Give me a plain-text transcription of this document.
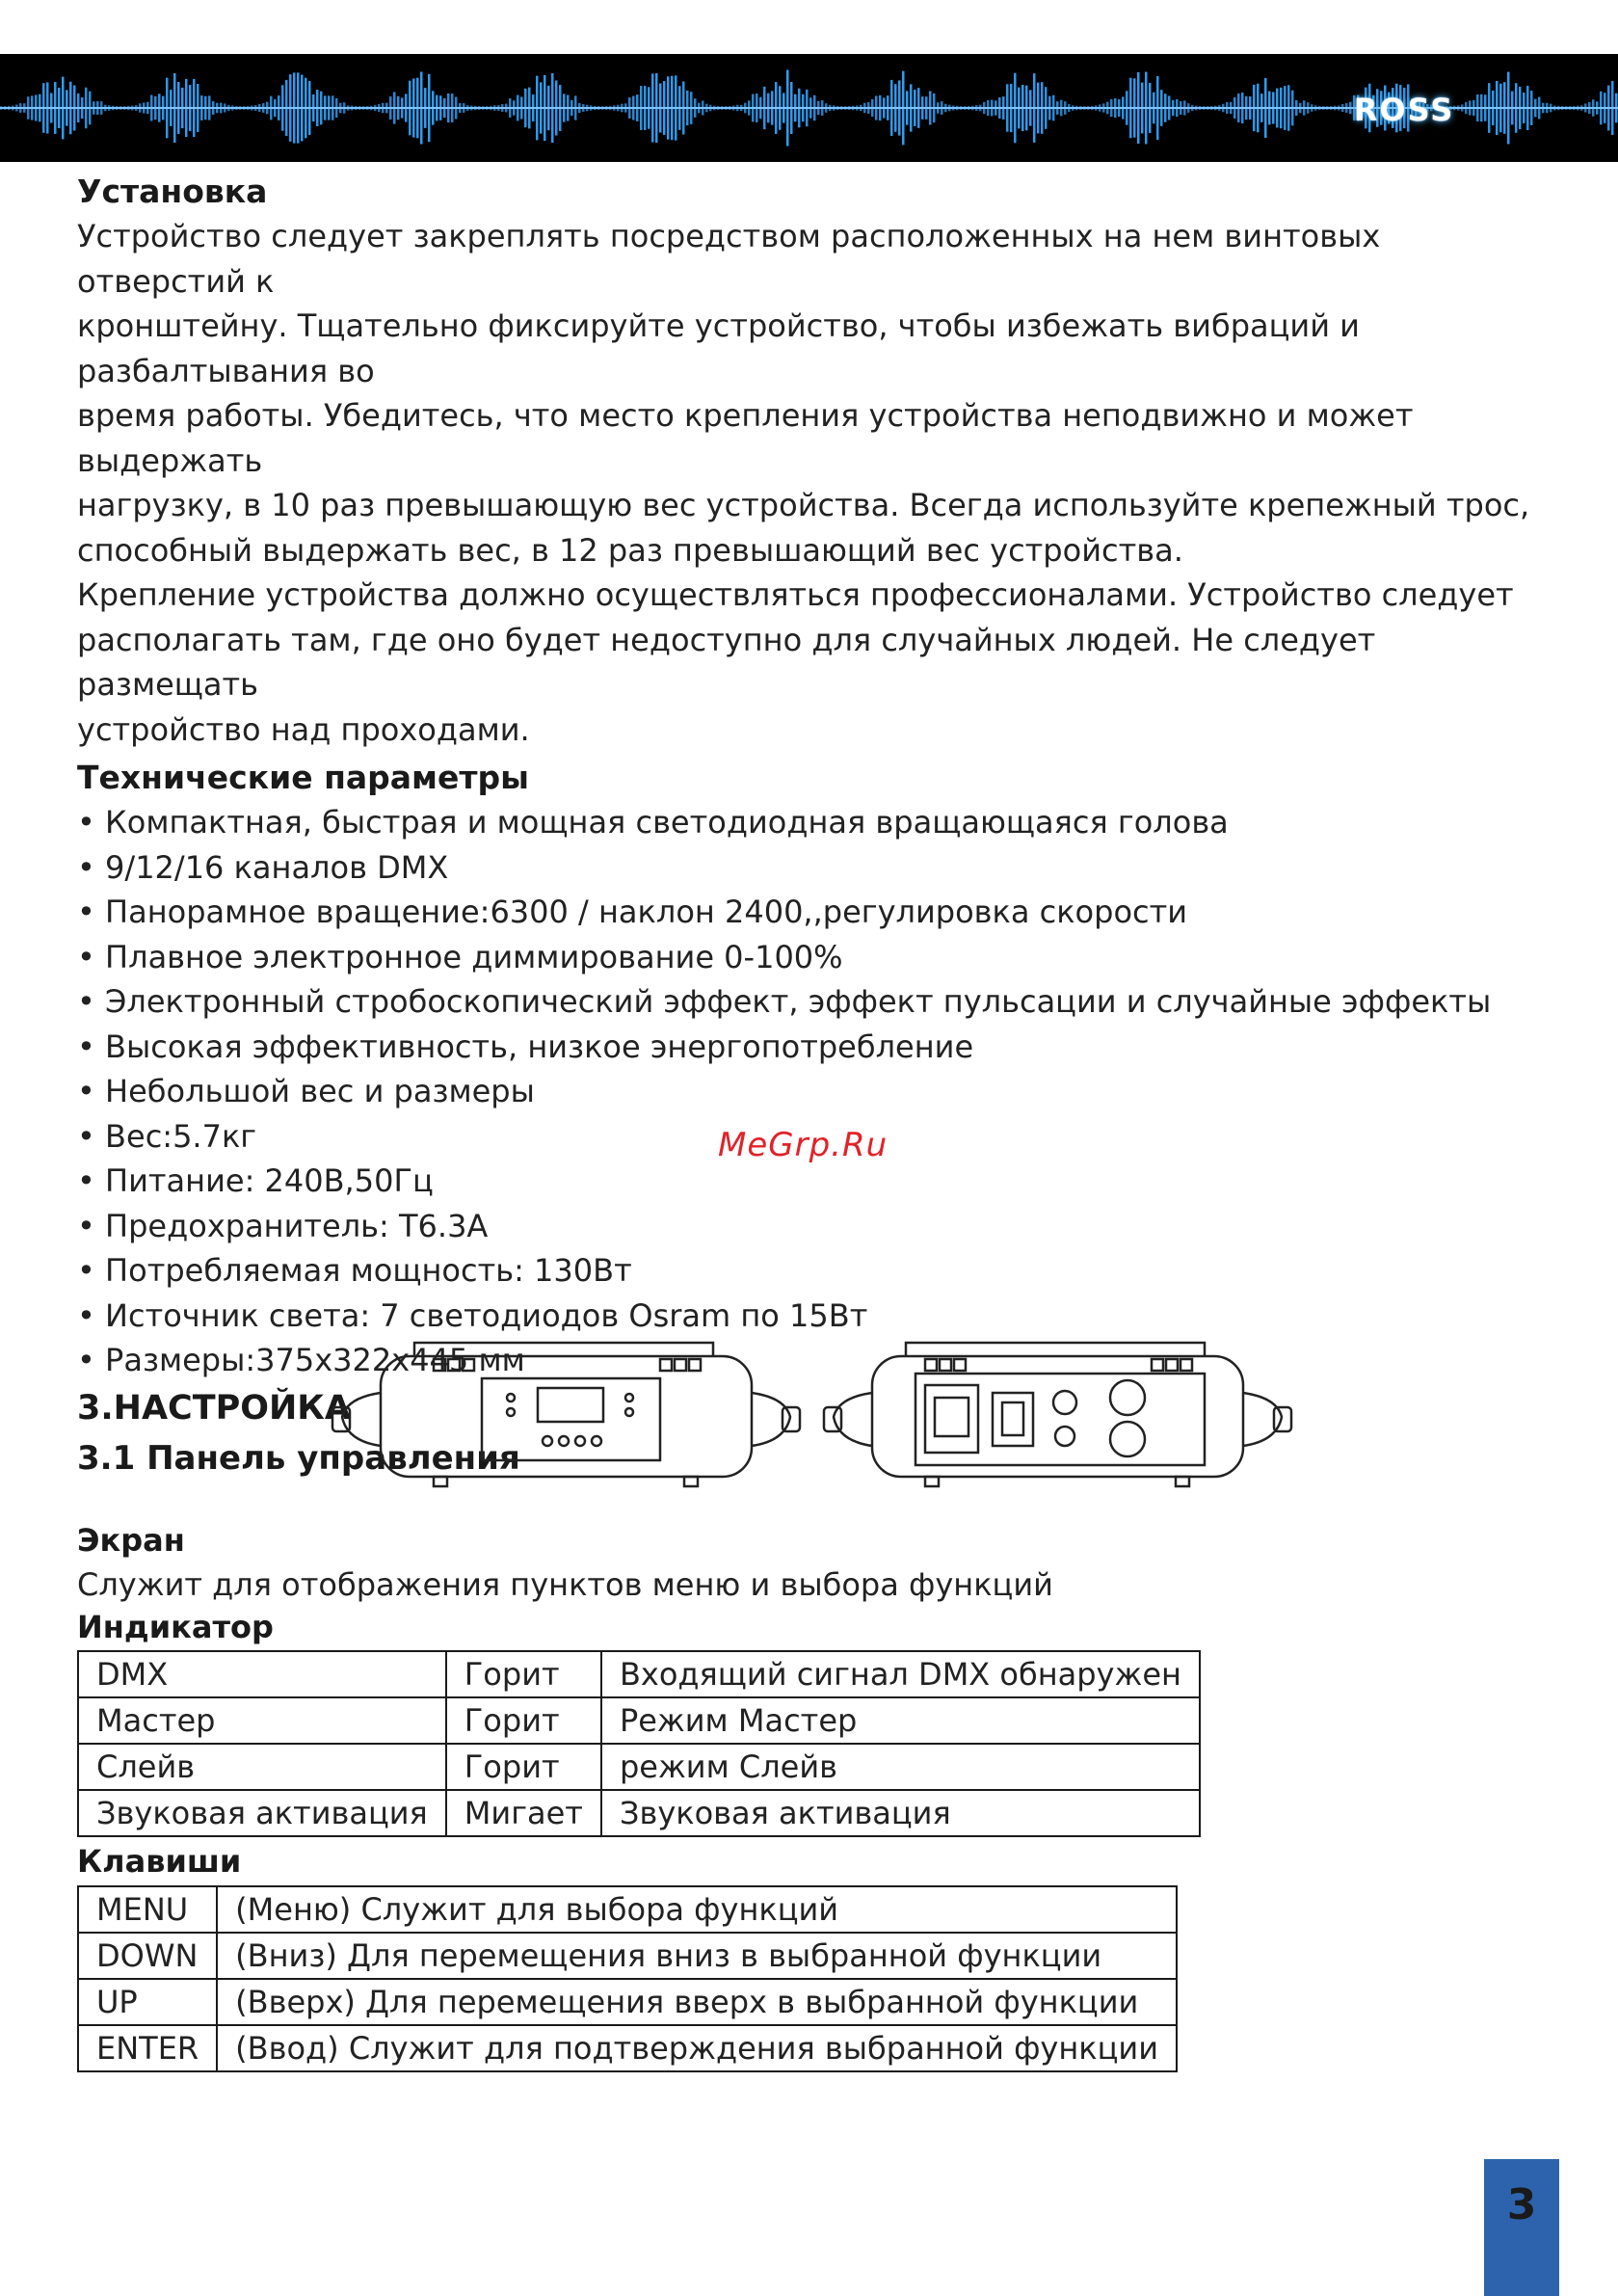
ROSS
Установка

Устройство следует закреплять посредством расположенных на нем винтовых отверстий к

кронштейну. Тщательно фиксируйте устройство, чтобы избежать вибраций и разбалтывания во

время работы. Убедитесь, что место крепления устройства неподвижно и может выдержать

нагрузку, в 10 раз превышающую вес устройства. Всегда используйте крепежный трос,

способный выдержать вес, в 12 раз превышающий вес устройства.

Крепление устройства должно осуществляться профессионалами. Устройство следует

располагать там, где оно будет недоступно для случайных людей. Не следует размещать

устройство над проходами.

Технические параметры
• Компактная, быстрая и мощная светодиодная вращающаяся голова
• 9/12/16 каналов DMX
• Панорамное вращение:6300 / наклон 2400,,регулировка скорости
• Плавное электронное диммирование 0-100%
• Электронный стробоскопический эффект, эффект пульсации и случайные эффекты
• Высокая эффективность, низкое энергопотребление
• Небольшой вес и размеры
• Вес:5.7кг
• Питание: 240В,50Гц
• Предохранитель: Т6.3А
• Потребляемая мощность: 130Вт
• Источник света: 7 светодиодов Osram по 15Вт
• Размеры:375х322х445 мм
3.НАСТРОЙКА
3.1 Панель управления
MeGrp.Ru
Экран

Служит для отображения пунктов меню и выбора функций

Индикатор
DMX	Горит	Входящий сигнал DMX обнаружен
Мастер	Горит	Режим Мастер
Слейв	Горит	режим Слейв
Звуковая активация	Мигает	Звуковая активация
Клавиши
MENU	(Меню) Служит для выбора функций
DOWN	(Вниз) Для перемещения вниз в выбранной функции
UP	(Вверх) Для перемещения вверх в выбранной функции
ENTER	(Ввод) Служит для подтверждения выбранной функции
3
